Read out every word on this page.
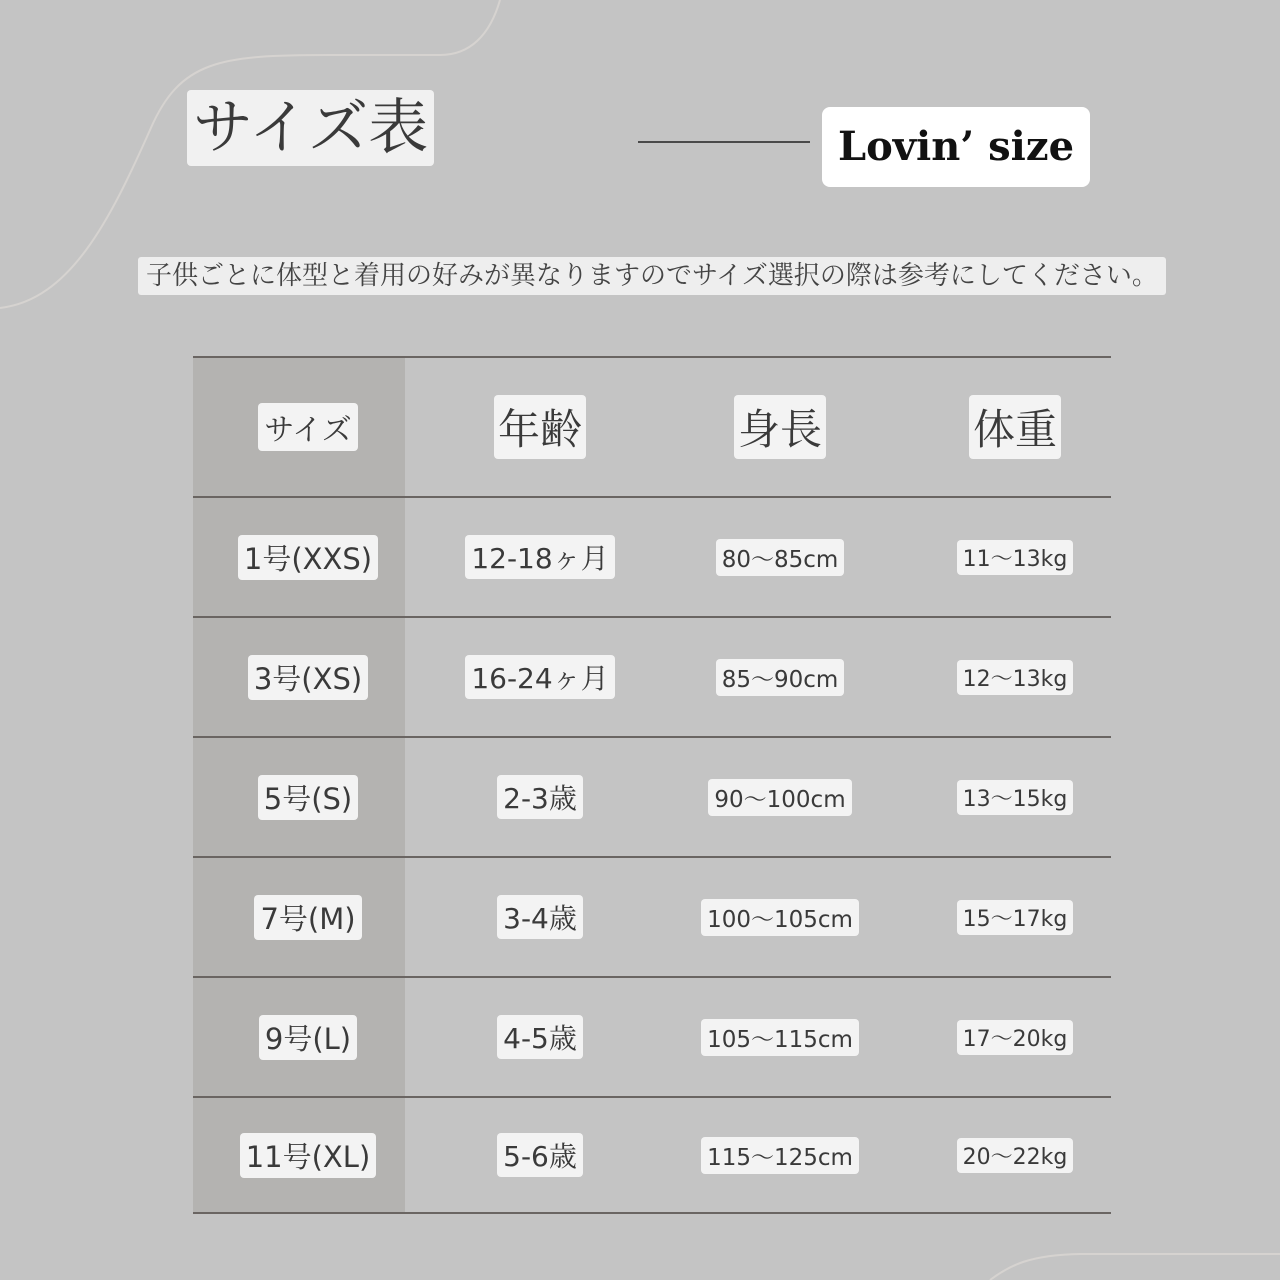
サイズ表	Lovin’ size
子供ごとに体型と着用の好みが異なりますのでサイズ選択の際は参考にしてください。
サイズ	年齢	身長	体重
1号(XXS)	12-18ヶ月	80～85cm	11～13kg
3号(XS)	16-24ヶ月	85～90cm	12～13kg
5号(S)	2-3歳	90～100cm	13～15kg
7号(M)	3-4歳	100～105cm	15～17kg
9号(L)	4-5歳	105～115cm	17～20kg
11号(XL)	5-6歳	115～125cm	20～22kg
